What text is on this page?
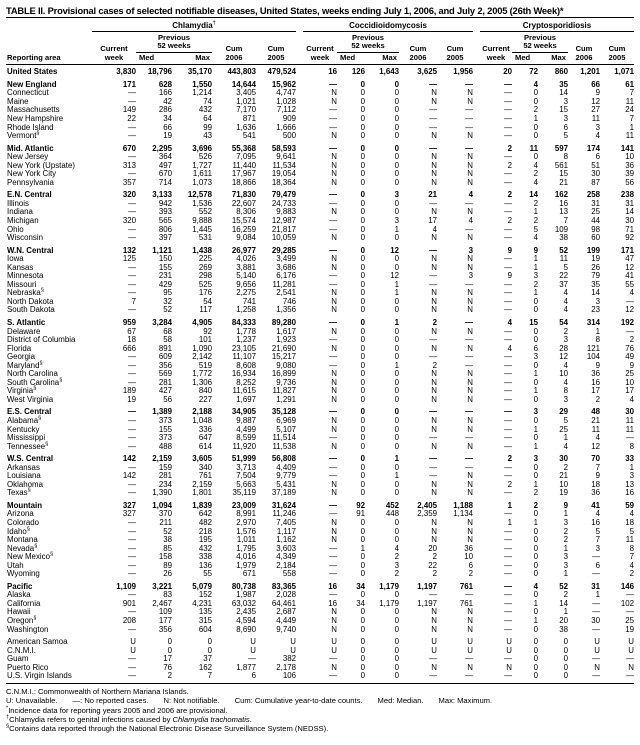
TABLE II. Provisional cases of selected notifiable diseases, United States, weeks ending July 1, 2006, and July 2, 2005 (26th Week)*
Chlamydia†	Coccidioidomycosis	Cryptosporidiosis
Reporting area
Current
week
Previous
52 weeks
Med	Max
Cum
2006
Cum
2005
Current
week
Previous
52 weeks
Med	Max
Cum
2006
Cum
2005
Current
week
Previous
52 weeks
Med	Max
Cum
2006
Cum
2005
United States	3,830	18,796	35,170	443,803	479,524	16	126	1,643	3,625	1,956	20	72	860	1,201	1,071
New England	171	628	1,550	14,644	15,962	—	0	0	—	—	—	4	35	66	61
Connecticut	—	166	1,214	3,405	4,747	N	0	0	N	N	—	0	14	9	7
Maine	—	42	74	1,021	1,028	N	0	0	N	N	—	0	3	12	11
Massachusetts	149	286	432	7,170	7,112	—	0	0	—	—	—	2	15	27	24
New Hampshire	22	34	64	871	909	—	0	0	—	—	—	1	3	11	7
Rhode Island	—	66	99	1,636	1,666	—	0	0	—	—	—	0	6	3	1
Vermont§	—	19	43	541	500	N	0	0	N	N	—	0	5	4	11
Mid. Atlantic	670	2,295	3,696	55,368	58,593	—	0	0	—	—	2	11	597	174	141
New Jersey	—	364	526	7,095	9,641	N	0	0	N	N	—	0	8	6	10
New York (Upstate)	313	497	1,727	11,440	11,534	N	0	0	N	N	2	4	561	51	36
New York City	—	670	1,611	17,967	19,054	N	0	0	N	N	—	2	15	30	39
Pennsylvania	357	714	1,073	18,866	18,364	N	0	0	N	N	—	4	21	87	56
E.N. Central	320	3,133	12,578	71,830	79,479	—	0	3	21	4	2	14	162	258	238
Illinois	—	942	1,536	22,607	24,733	—	0	0	—	—	—	2	16	31	31
Indiana	—	393	552	8,306	9,883	N	0	0	N	N	—	1	13	25	14
Michigan	320	565	9,888	15,574	12,987	—	0	3	17	4	2	2	7	44	30
Ohio	—	806	1,445	16,259	21,817	—	0	1	4	—	—	5	109	98	71
Wisconsin	—	397	531	9,084	10,059	N	0	0	N	N	—	4	38	60	92
W.N. Central	132	1,121	1,438	26,977	29,285	—	0	12	—	3	9	9	52	199	171
Iowa	125	150	225	4,026	3,499	N	0	0	N	N	—	1	11	19	47
Kansas	—	155	269	3,881	3,686	N	0	0	N	N	—	1	5	26	12
Minnesota	—	231	298	5,140	6,176	—	0	12	—	3	9	3	22	79	41
Missouri	—	429	525	9,656	11,281	—	0	1	—	—	—	2	37	35	55
Nebraska§	—	95	176	2,275	2,541	N	0	1	N	N	—	1	4	14	4
North Dakota	7	32	54	741	746	N	0	0	N	N	—	0	4	3	—
South Dakota	—	52	117	1,258	1,356	N	0	0	N	N	—	0	4	23	12
S. Atlantic	959	3,284	4,905	84,333	89,280	—	0	1	2	—	4	15	54	314	192
Delaware	67	68	92	1,778	1,617	N	0	0	N	N	—	0	2	1	—
District of Columbia	18	58	101	1,237	1,923	—	0	0	—	—	—	0	3	8	2
Florida	666	891	1,090	23,105	21,690	N	0	0	N	N	4	6	28	121	76
Georgia	—	609	2,142	11,107	15,217	—	0	0	—	—	—	3	12	104	49
Maryland§	—	356	519	8,608	9,080	—	0	1	2	—	—	0	4	9	9
North Carolina	—	569	1,772	16,934	16,899	N	0	0	N	N	—	1	10	36	25
South Carolina§	—	281	1,306	8,252	9,736	N	0	0	N	N	—	0	4	16	10
Virginia§	189	427	840	11,615	11,827	N	0	0	N	N	—	1	8	17	17
West Virginia	19	56	227	1,697	1,291	N	0	0	N	N	—	0	3	2	4
E.S. Central	—	1,389	2,188	34,905	35,128	—	0	0	—	—	—	3	29	48	30
Alabama§	—	373	1,048	9,887	6,969	N	0	0	N	N	—	0	5	21	11
Kentucky	—	155	336	4,499	5,107	N	0	0	N	N	—	1	25	11	11
Mississippi	—	373	647	8,599	11,514	—	0	0	—	—	—	0	1	4	—
Tennessee§	—	488	614	11,920	11,538	N	0	0	N	N	—	1	4	12	8
W.S. Central	142	2,159	3,605	51,999	56,808	—	0	1	—	—	2	3	30	70	33
Arkansas	—	159	340	3,713	4,409	—	0	0	—	—	—	0	2	7	1
Louisiana	142	281	761	7,504	9,779	—	0	1	—	N	—	0	21	9	3
Oklahoma	—	234	2,159	5,663	5,431	N	0	0	N	N	2	1	10	18	13
Texas§	—	1,390	1,801	35,119	37,189	N	0	0	N	N	—	2	19	36	16
Mountain	327	1,094	1,839	23,009	31,624	—	92	452	2,405	1,188	1	2	9	41	59
Arizona	327	370	642	8,991	11,246	—	91	448	2,359	1,134	—	0	1	4	4
Colorado	—	211	482	2,970	7,405	N	0	0	N	N	1	1	3	16	18
Idaho§	—	52	218	1,576	1,117	N	0	0	N	N	—	0	2	5	5
Montana	—	38	195	1,011	1,162	N	0	0	N	N	—	0	2	7	11
Nevada§	—	85	432	1,795	3,603	—	1	4	20	36	—	0	1	3	8
New Mexico§	—	158	338	4,016	4,349	—	0	2	2	10	—	0	3	—	7
Utah	—	89	136	1,979	2,184	—	0	3	22	6	—	0	3	6	4
Wyoming	—	26	55	671	558	—	0	2	2	2	—	0	1	—	2
Pacific	1,109	3,221	5,079	80,738	83,365	16	34	1,179	1,197	761	—	4	52	31	146
Alaska	—	83	152	1,987	2,028	—	0	0	—	—	—	0	2	1	—
California	901	2,467	4,231	63,032	64,461	16	34	1,179	1,197	761	—	1	14	—	102
Hawaii	—	109	135	2,435	2,687	N	0	0	N	N	—	0	1	—	—
Oregon§	208	177	315	4,594	4,449	N	0	0	N	N	—	1	20	30	25
Washington	—	356	604	8,690	9,740	N	0	0	N	N	—	0	38	—	19
American Samoa	U	0	0	U	U	U	0	0	U	U	U	0	0	U	U
C.N.M.I.	U	0	0	U	U	U	0	0	U	U	U	0	0	U	U
Guam	—	17	37	—	382	—	0	0	—	—	—	0	0	—	—
Puerto Rico	—	76	162	1,877	2,178	N	0	0	N	N	N	0	0	N	N
U.S. Virgin Islands	—	2	7	6	106	—	0	0	—	—	—	0	0	—	—
C.N.M.I.: Commonwealth of Northern Mariana Islands.
U: Unavailable. —: No reported cases. N: Not notifiable. Cum: Cumulative year-to-date counts. Med: Median. Max: Maximum.
*Incidence data for reporting years 2005 and 2006 are provisional.
†Chlamydia refers to genital infections caused by Chlamydia trachomatis.
§Contains data reported through the National Electronic Disease Surveillance System (NEDSS).
